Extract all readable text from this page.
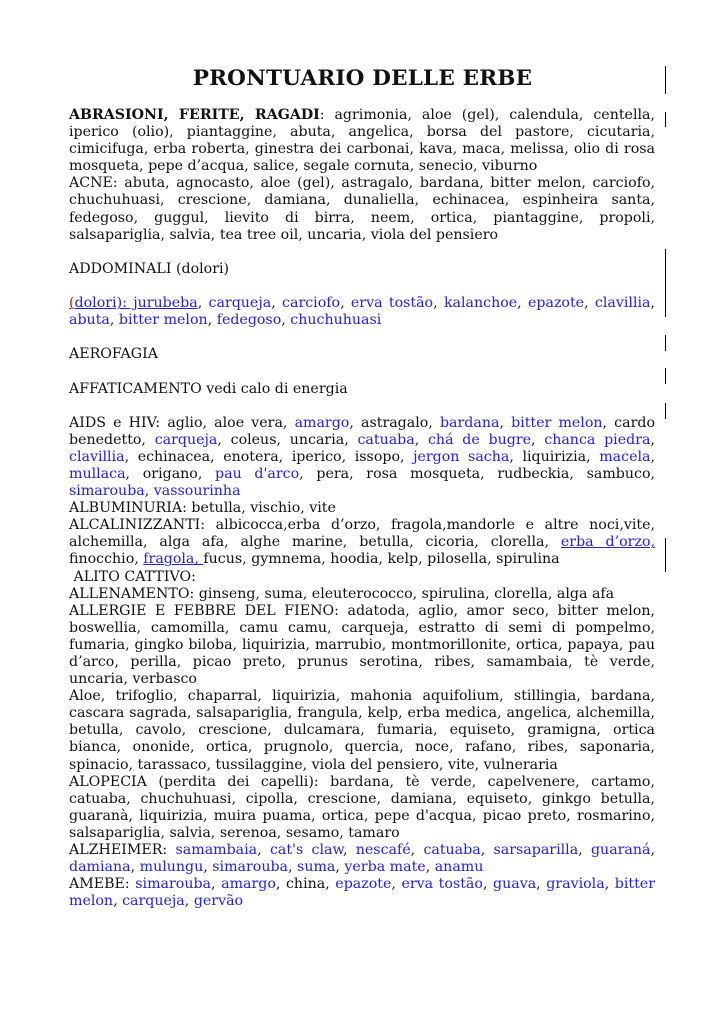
PRONTUARIO DELLE ERBE

ABRASIONI, FERITE, RAGADI: agrimonia, aloe (gel), calendula, centella, iperico (olio), piantaggine, abuta, angelica, borsa del pastore, cicutaria, cimicifuga, erba roberta, ginestra dei carbonai, kava, maca, melissa, olio di rosa mosqueta, pepe d’acqua, salice, segale cornuta, senecio, viburno

ACNE: abuta, agnocasto, aloe (gel), astragalo, bardana, bitter melon, carciofo, chuchuhuasi, crescione, damiana, dunaliella, echinacea, espinheira santa, fedegoso, guggul, lievito di birra, neem, ortica, piantaggine, propoli, salsapariglia, salvia, tea tree oil, uncaria, viola del pensiero

ADDOMINALI (dolori)

(dolori): jurubeba, carqueja, carciofo, erva tostão, kalanchoe, epazote, clavillia, abuta, bitter melon, fedegoso, chuchuhuasi

AEROFAGIA

AFFATICAMENTO vedi calo di energia

AIDS e HIV: aglio, aloe vera, amargo, astragalo, bardana, bitter melon, cardo benedetto, carqueja, coleus, uncaria, catuaba, chá de bugre, chanca piedra, clavillia, echinacea, enotera, iperico, issopo, jergon sacha, liquirizia, macela, mullaca, origano, pau d'arco, pera, rosa mosqueta, rudbeckia, sambuco, simarouba, vassourinha

ALBUMINURIA: betulla, vischio, vite

ALCALINIZZANTI: albicocca,erba d’orzo, fragola,mandorle e altre noci,vite, alchemilla, alga afa, alghe marine, betulla, cicoria, clorella, erba d’orzo, finocchio, fragola, fucus, gymnema, hoodia, kelp, pilosella, spirulina

ALITO CATTIVO:

ALLENAMENTO: ginseng, suma, eleuterococco, spirulina, clorella, alga afa

ALLERGIE E FEBBRE DEL FIENO: adatoda, aglio, amor seco, bitter melon, boswellia, camomilla, camu camu, carqueja, estratto di semi di pompelmo, fumaria, gingko biloba, liquirizia, marrubio, montmorillonite, ortica, papaya, pau d’arco, perilla, picao preto, prunus serotina, ribes, samambaia, tè verde, uncaria, verbasco

Aloe, trifoglio, chaparral, liquirizia, mahonia aquifolium, stillingia, bardana, cascara sagrada, salsapariglia, frangula, kelp, erba medica, angelica, alchemilla, betulla, cavolo, crescione, dulcamara, fumaria, equiseto, gramigna, ortica bianca, ononide, ortica, prugnolo, quercia, noce, rafano, ribes, saponaria, spinacio, tarassaco, tussilaggine, viola del pensiero, vite, vulneraria

ALOPECIA (perdita dei capelli): bardana, tè verde, capelvenere, cartamo, catuaba, chuchuhuasi, cipolla, crescione, damiana, equiseto, ginkgo betulla, guaranà, liquirizia, muira puama, ortica, pepe d'acqua, picao preto, rosmarino, salsapariglia, salvia, serenoa, sesamo, tamaro

ALZHEIMER: samambaia, cat's claw, nescafé, catuaba, sarsaparilla, guaraná, damiana, mulungu, simarouba, suma, yerba mate, anamu

AMEBE: simarouba, amargo, china, epazote, erva tostão, guava, graviola, bitter melon, carqueja, gervão
